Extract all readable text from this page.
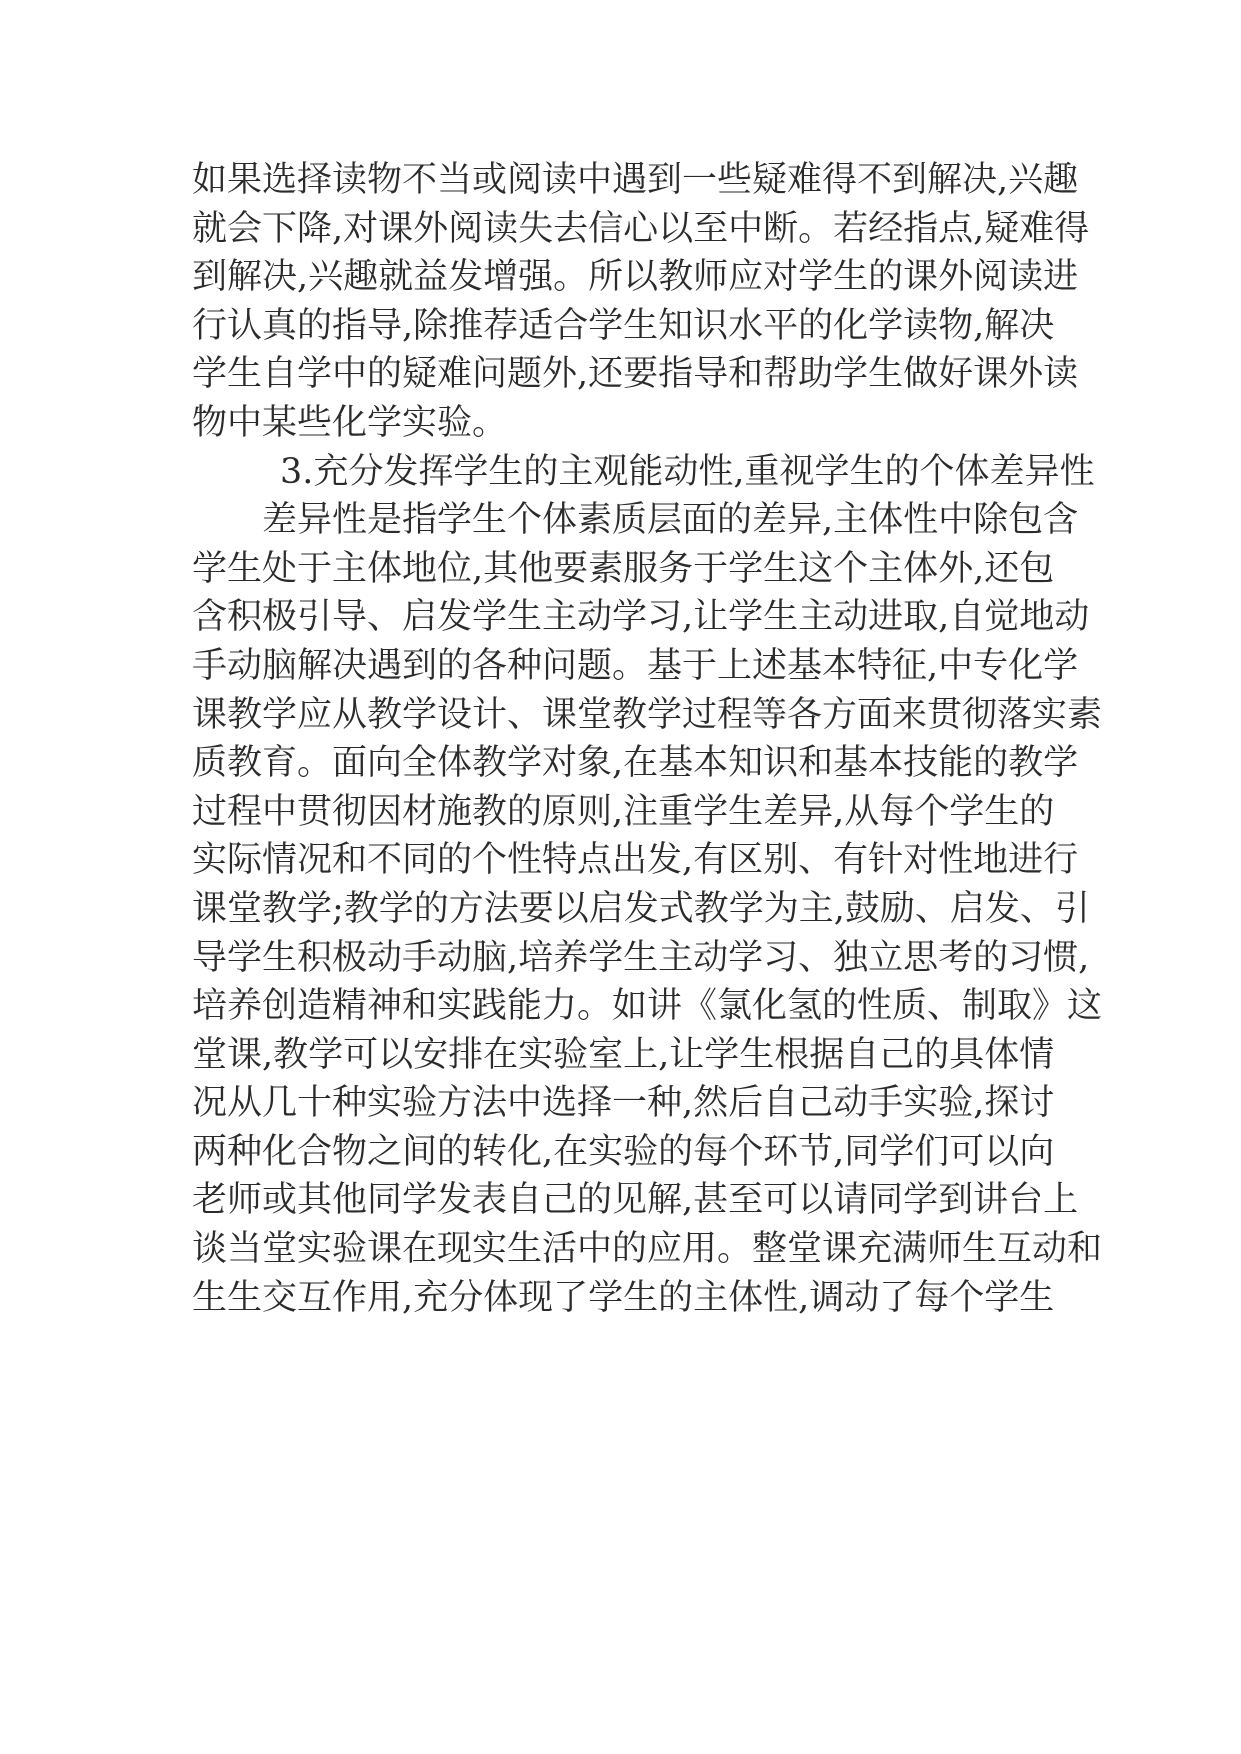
如果选择读物不当或阅读中遇到一些疑难得不到解决,兴趣
就会下降,对课外阅读失去信心以至中断。若经指点,疑难得
到解决,兴趣就益发增强。所以教师应对学生的课外阅读进
行认真的指导,除推荐适合学生知识水平的化学读物,解决
学生自学中的疑难问题外,还要指导和帮助学生做好课外读
物中某些化学实验。
3.充分发挥学生的主观能动性,重视学生的个体差异性
差异性是指学生个体素质层面的差异,主体性中除包含
学生处于主体地位,其他要素服务于学生这个主体外,还包
含积极引导、启发学生主动学习,让学生主动进取,自觉地动
手动脑解决遇到的各种问题。基于上述基本特征,中专化学
课教学应从教学设计、课堂教学过程等各方面来贯彻落实素
质教育。面向全体教学对象,在基本知识和基本技能的教学
过程中贯彻因材施教的原则,注重学生差异,从每个学生的
实际情况和不同的个性特点出发,有区别、有针对性地进行
课堂教学;教学的方法要以启发式教学为主,鼓励、启发、引
导学生积极动手动脑,培养学生主动学习、独立思考的习惯,
培养创造精神和实践能力。如讲《氯化氢的性质、制取》这
堂课,教学可以安排在实验室上,让学生根据自己的具体情
况从几十种实验方法中选择一种,然后自己动手实验,探讨
两种化合物之间的转化,在实验的每个环节,同学们可以向
老师或其他同学发表自己的见解,甚至可以请同学到讲台上
谈当堂实验课在现实生活中的应用。整堂课充满师生互动和
生生交互作用,充分体现了学生的主体性,调动了每个学生
